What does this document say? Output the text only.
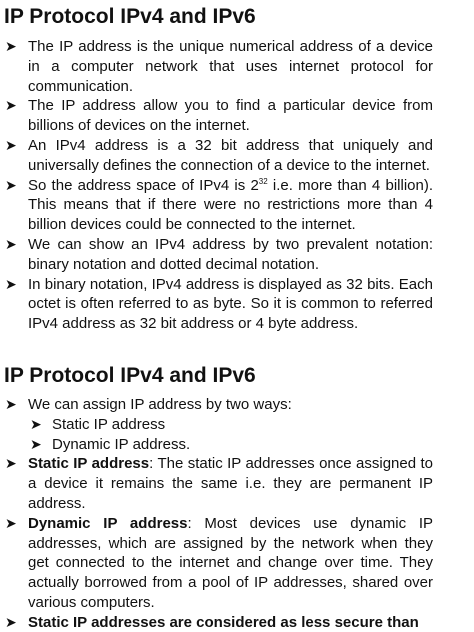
IP Protocol IPv4 and IPv6

➤ The IP address is the unique numerical address of a device in a computer network that uses internet protocol for communication.

➤ The IP address allow you to find a particular device from billions of devices on the internet.

➤ An IPv4 address is a 32 bit address that uniquely and universally defines the connection of a device to the internet.

➤ So the address space of IPv4 is $2^{32}$ i.e. more than 4 billion). This means that if there were no restrictions more than 4 billion devices could be connected to the internet.

➤ We can show an IPv4 address by two prevalent notation: binary notation and dotted decimal notation.

➤ In binary notation, IPv4 address is displayed as 32 bits. Each octet is often referred to as byte. So it is common to referred IPv4 address as 32 bit address or 4 byte address.

IP Protocol IPv4 and IPv6

➤ We can assign IP address by two ways:

➤ Static IP address

➤ Dynamic IP address.

➤ Static IP address: The static IP addresses once assigned to a device it remains the same i.e. they are permanent IP address.

➤ Dynamic IP address: Most devices use dynamic IP addresses, which are assigned by the network when they get connected to the internet and change over time. They actually borrowed from a pool of IP addresses, shared over various computers.

➤ Static IP addresses are considered as less secure than
